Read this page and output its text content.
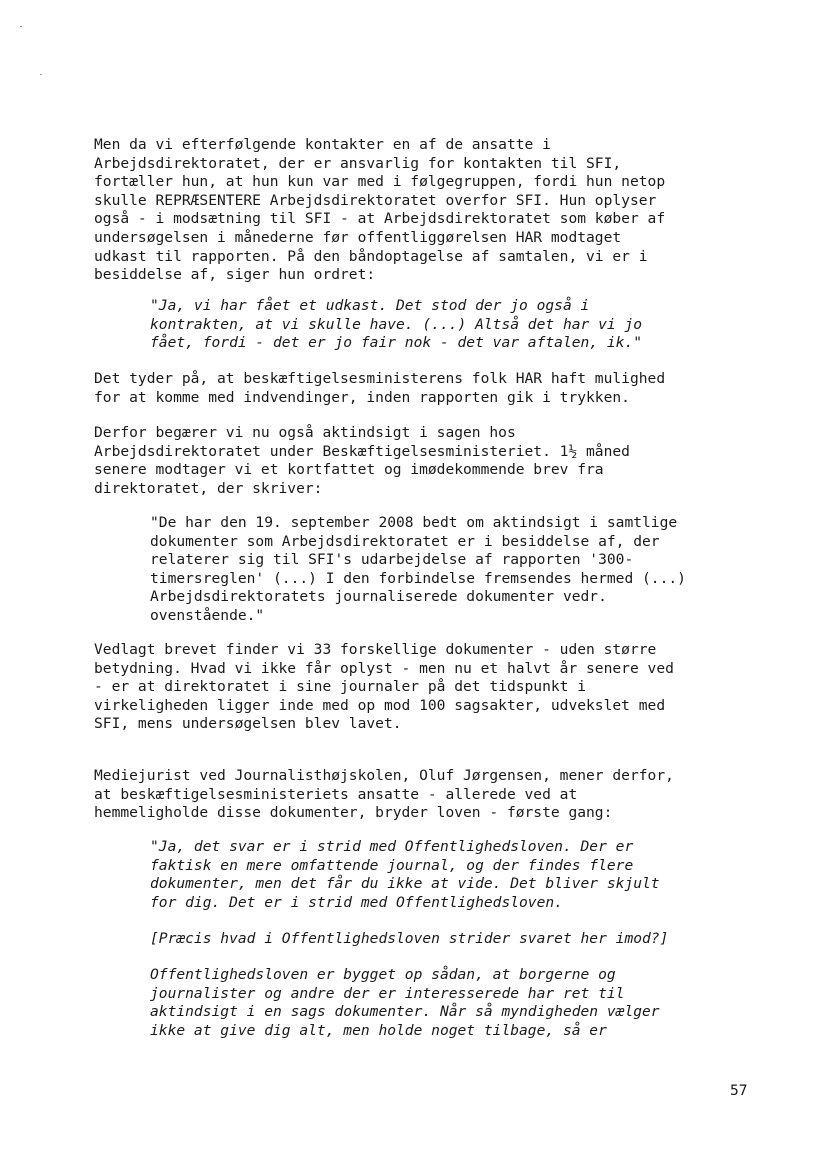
Men da vi efterfølgende kontakter en af de ansatte i
Arbejdsdirektoratet, der er ansvarlig for kontakten til SFI,
fortæller hun, at hun kun var med i følgegruppen, fordi hun netop
skulle REPRÆSENTERE Arbejdsdirektoratet overfor SFI. Hun oplyser
også - i modsætning til SFI - at Arbejdsdirektoratet som køber af
undersøgelsen i månederne før offentliggørelsen HAR modtaget
udkast til rapporten. På den båndoptagelse af samtalen, vi er i
besiddelse af, siger hun ordret:
"Ja, vi har fået et udkast. Det stod der jo også i
kontrakten, at vi skulle have. (...) Altså det har vi jo
fået, fordi - det er jo fair nok - det var aftalen, ik."
Det tyder på, at beskæftigelsesministerens folk HAR haft mulighed
for at komme med indvendinger, inden rapporten gik i trykken.
Derfor begærer vi nu også aktindsigt i sagen hos
Arbejdsdirektoratet under Beskæftigelsesministeriet. 1½ måned
senere modtager vi et kortfattet og imødekommende brev fra
direktoratet, der skriver:
"De har den 19. september 2008 bedt om aktindsigt i samtlige
dokumenter som Arbejdsdirektoratet er i besiddelse af, der
relaterer sig til SFI's udarbejdelse af rapporten '300-
timersreglen' (...) I den forbindelse fremsendes hermed (...)
Arbejdsdirektoratets journaliserede dokumenter vedr.
ovenstående."
Vedlagt brevet finder vi 33 forskellige dokumenter - uden større
betydning. Hvad vi ikke får oplyst - men nu et halvt år senere ved
- er at direktoratet i sine journaler på det tidspunkt i
virkeligheden ligger inde med op mod 100 sagsakter, udvekslet med
SFI, mens undersøgelsen blev lavet.
Mediejurist ved Journalisthøjskolen, Oluf Jørgensen, mener derfor,
at beskæftigelsesministeriets ansatte - allerede ved at
hemmeligholde disse dokumenter, bryder loven - første gang:
"Ja, det svar er i strid med Offentlighedsloven. Der er
faktisk en mere omfattende journal, og der findes flere
dokumenter, men det får du ikke at vide. Det bliver skjult
for dig. Det er i strid med Offentlighedsloven.
[Præcis hvad i Offentlighedsloven strider svaret her imod?]
Offentlighedsloven er bygget op sådan, at borgerne og
journalister og andre der er interesserede har ret til
aktindsigt i en sags dokumenter. Når så myndigheden vælger
ikke at give dig alt, men holde noget tilbage, så er
57
